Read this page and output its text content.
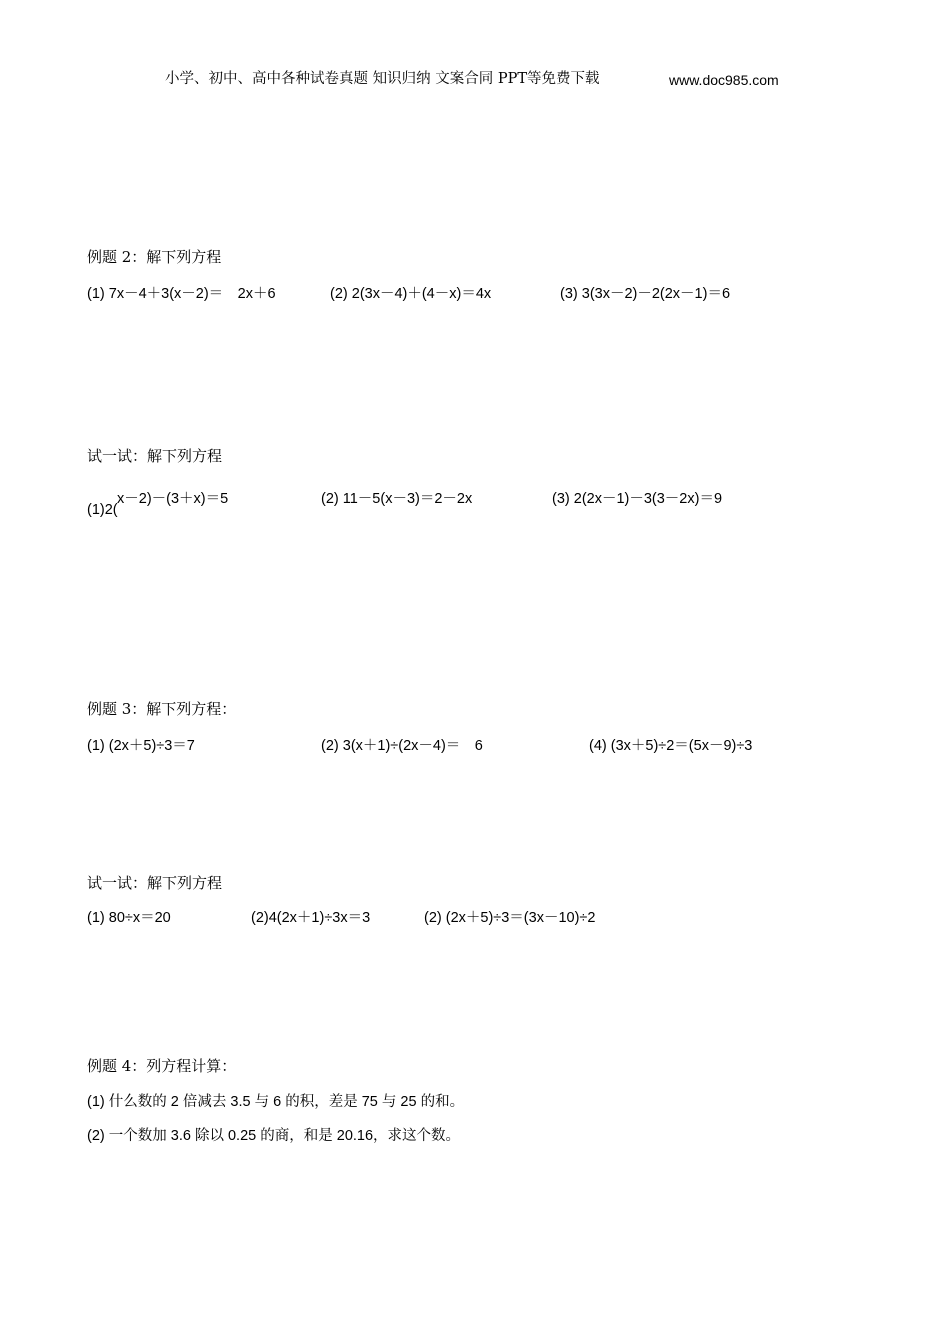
小学、初中、高中各种试卷真题 知识归纳 文案合同 PPT等免费下载	www.doc985.com
例题 2：解下列方程
(1) 7x－4＋3(x－2)＝　2x＋6	(2) 2(3x－4)＋(4－x)＝4x	(3) 3(3x－2)－2(2x－1)＝6
试一试：解下列方程
(1)2(
x－2)－(3＋x)＝5	(2) 11－5(x－3)＝2－2x	(3) 2(2x－1)－3(3－2x)＝9
例题 3：解下列方程：
(1) (2x＋5)÷3＝7	(2) 3(x＋1)÷(2x－4)＝　6	(4) (3x＋5)÷2＝(5x－9)÷3
试一试：解下列方程
(1) 80÷x＝20	(2)4(2x＋1)÷3x＝3	(2) (2x＋5)÷3＝(3x－10)÷2
例题 4：列方程计算：
(1) 什么数的 2 倍减去 3.5 与 6 的积，差是 75 与 25 的和。
(2) 一个数加 3.6 除以 0.25 的商，和是 20.16，求这个数。
